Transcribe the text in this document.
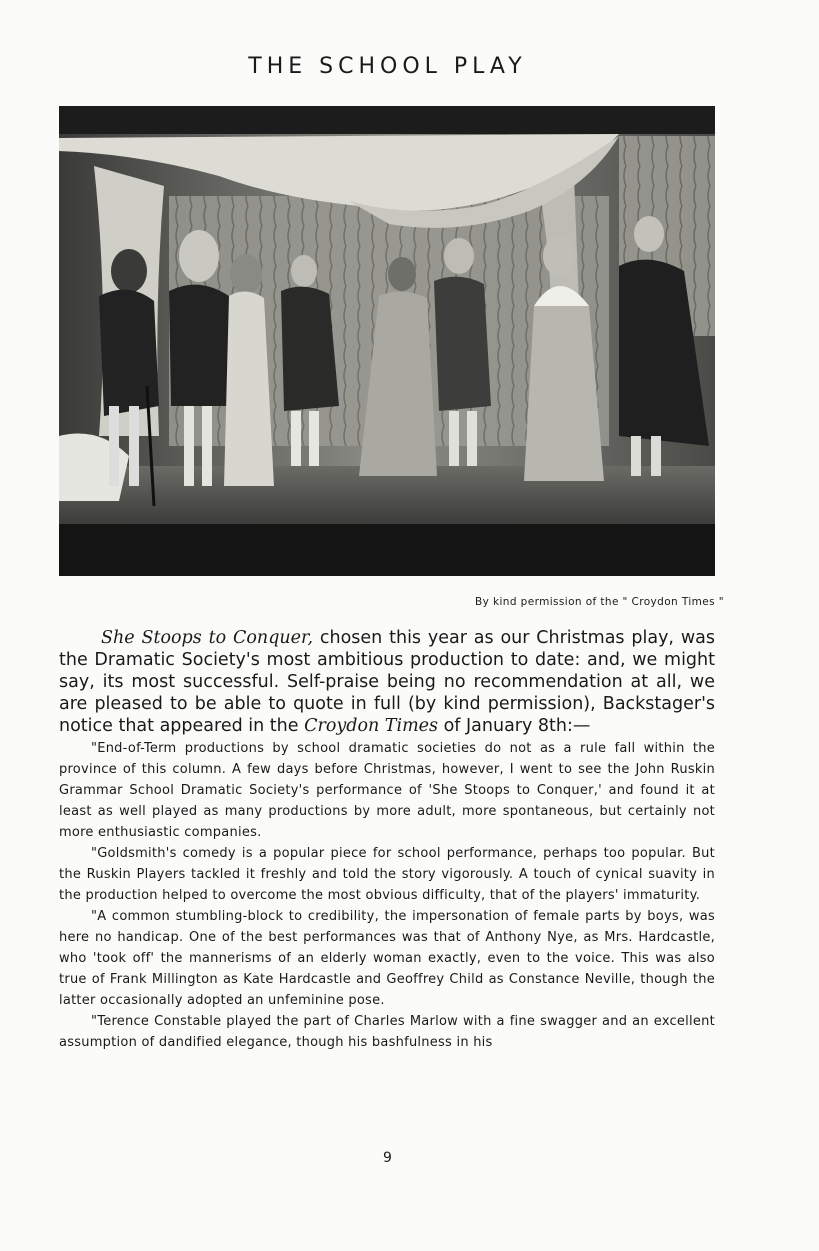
THE SCHOOL PLAY
By kind permission of the " Croydon Times "
She Stoops to Conquer, chosen this year as our Christmas play, was the Dramatic Society's most ambitious production to date: and, we might say, its most successful. Self-praise being no recommendation at all, we are pleased to be able to quote in full (by kind permission), Backstager's notice that appeared in the Croydon Times of January 8th:—

"End-of-Term productions by school dramatic societies do not as a rule fall within the province of this column. A few days before Christmas, however, I went to see the John Ruskin Grammar School Dramatic Society's performance of 'She Stoops to Conquer,' and found it at least as well played as many productions by more adult, more spontaneous, but certainly not more enthusiastic companies.

"Goldsmith's comedy is a popular piece for school performance, perhaps too popular. But the Ruskin Players tackled it freshly and told the story vigorously. A touch of cynical suavity in the production helped to overcome the most obvious difficulty, that of the players' immaturity.

"A common stumbling-block to credibility, the impersonation of female parts by boys, was here no handicap. One of the best performances was that of Anthony Nye, as Mrs. Hardcastle, who 'took off' the mannerisms of an elderly woman exactly, even to the voice. This was also true of Frank Millington as Kate Hardcastle and Geoffrey Child as Constance Neville, though the latter occasionally adopted an unfeminine pose.

"Terence Constable played the part of Charles Marlow with a fine swagger and an excellent assumption of dandified elegance, though his bashfulness in his

9
